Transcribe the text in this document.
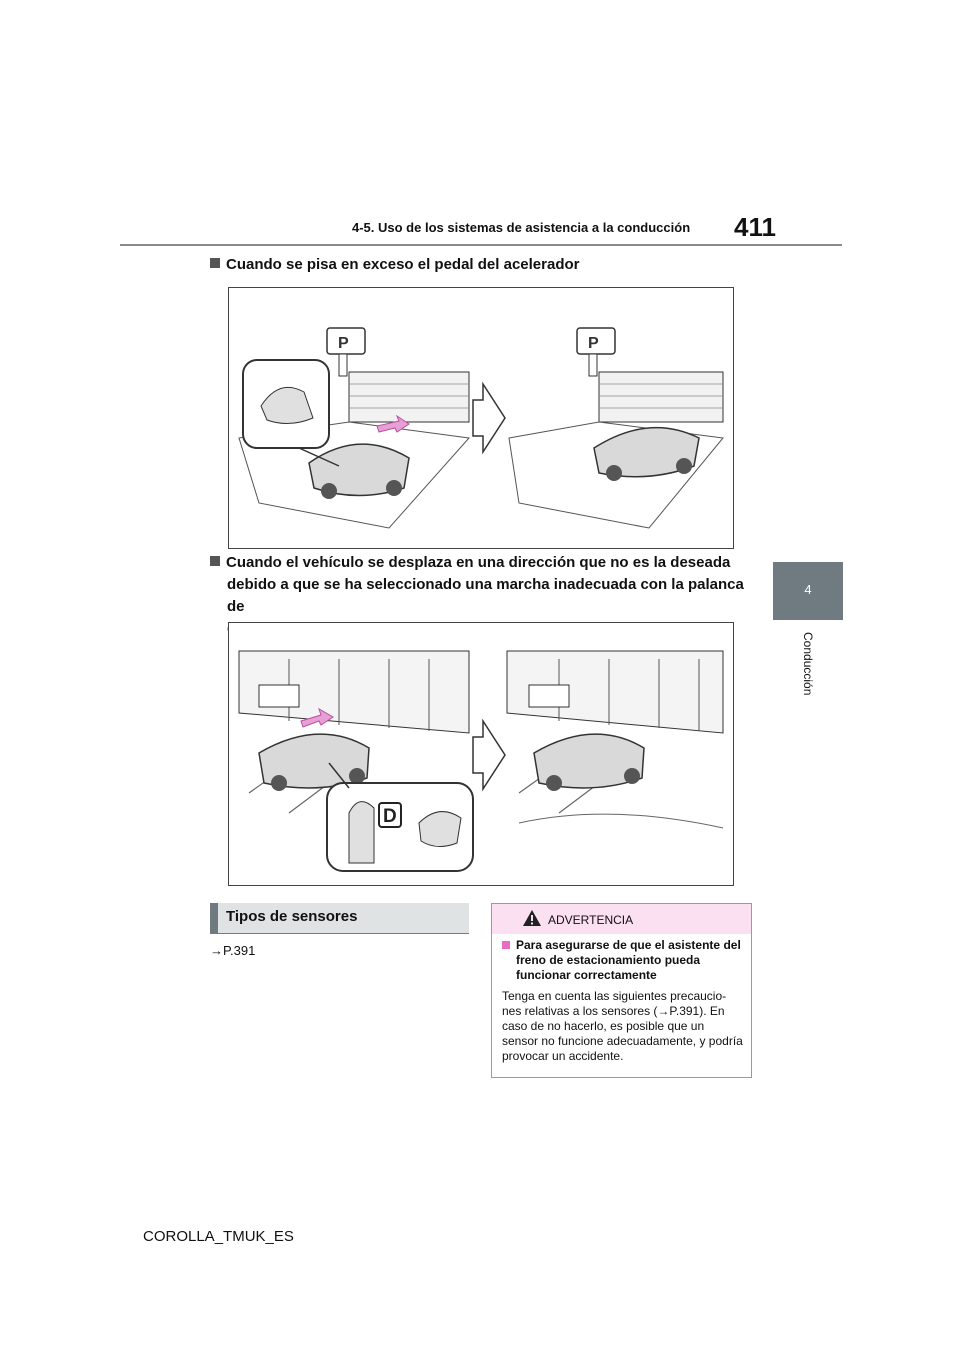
4-5. Uso de los sistemas de asistencia a la conducción 411
4
Conducción
Cuando se pisa en exceso el pedal del acelerador
P	P
Cuando el vehículo se desplaza en una dirección que no es la deseada
debido a que se ha seleccionado una marcha inadecuada con la palanca de
D
Tipos de sensores
→P.391
ADVERTENCIA
Para asegurarse de que el asistente del freno de estacionamiento pueda funcionar correctamente
Tenga en cuenta las siguientes precaucio-nes relativas a los sensores (→P.391). En caso de no hacerlo, es posible que un sensor no funcione adecuadamente, y podría provocar un accidente.
COROLLA_TMUK_ES
